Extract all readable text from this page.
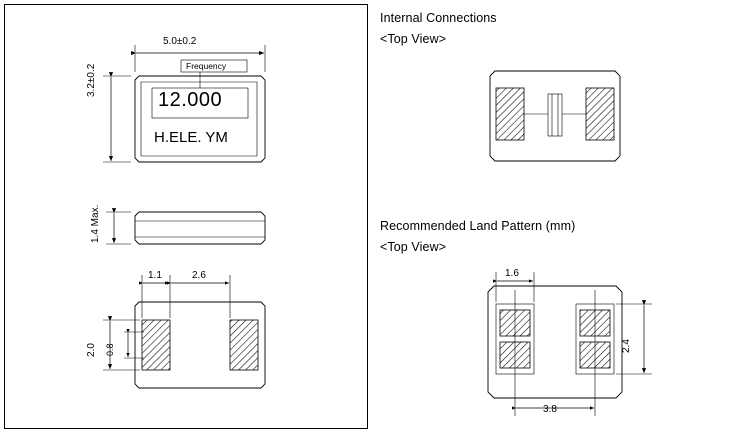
Internal Connections
<Top View>
Recommended Land Pattern (mm)
<Top View>
5.0±0.2
3.2±0.2	Frequency
12.000
H.ELE. YM
1.4 Max.
1.1	2.6
2.0 0.8
1.6
2.4
3.8
